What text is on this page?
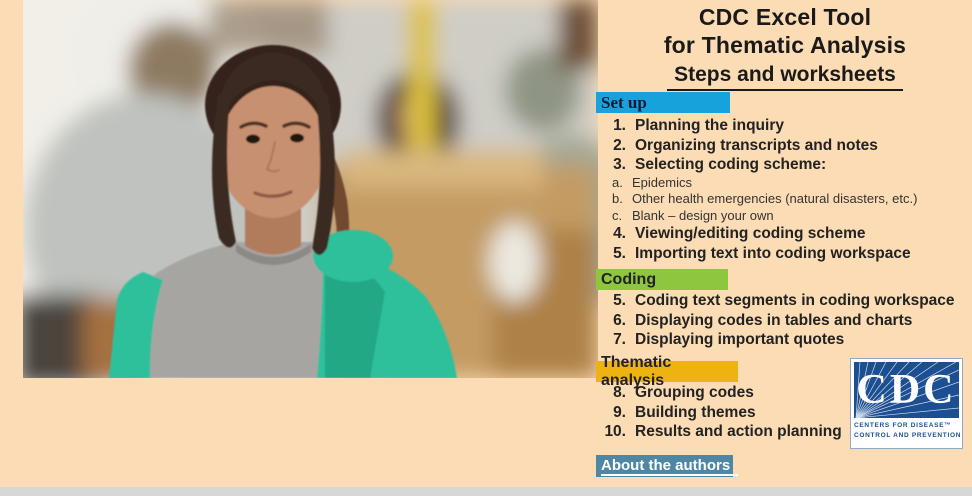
CDC Excel Tool
for Thematic Analysis
Steps and worksheets
Set up
1. Planning the inquiry
2. Organizing transcripts and notes
3. Selecting coding scheme:
a. Epidemics
b. Other health emergencies (natural disasters, etc.)
c. Blank – design your own
4. Viewing/editing coding scheme
5. Importing text into coding workspace
Coding
5. Coding text segments in coding workspace
6. Displaying codes in tables and charts
7. Displaying important quotes
Thematic analysis
8. Grouping codes
9. Building themes
10. Results and action planning
About the authors
CDC
CENTERS FOR DISEASE™
CONTROL AND PREVENTION
